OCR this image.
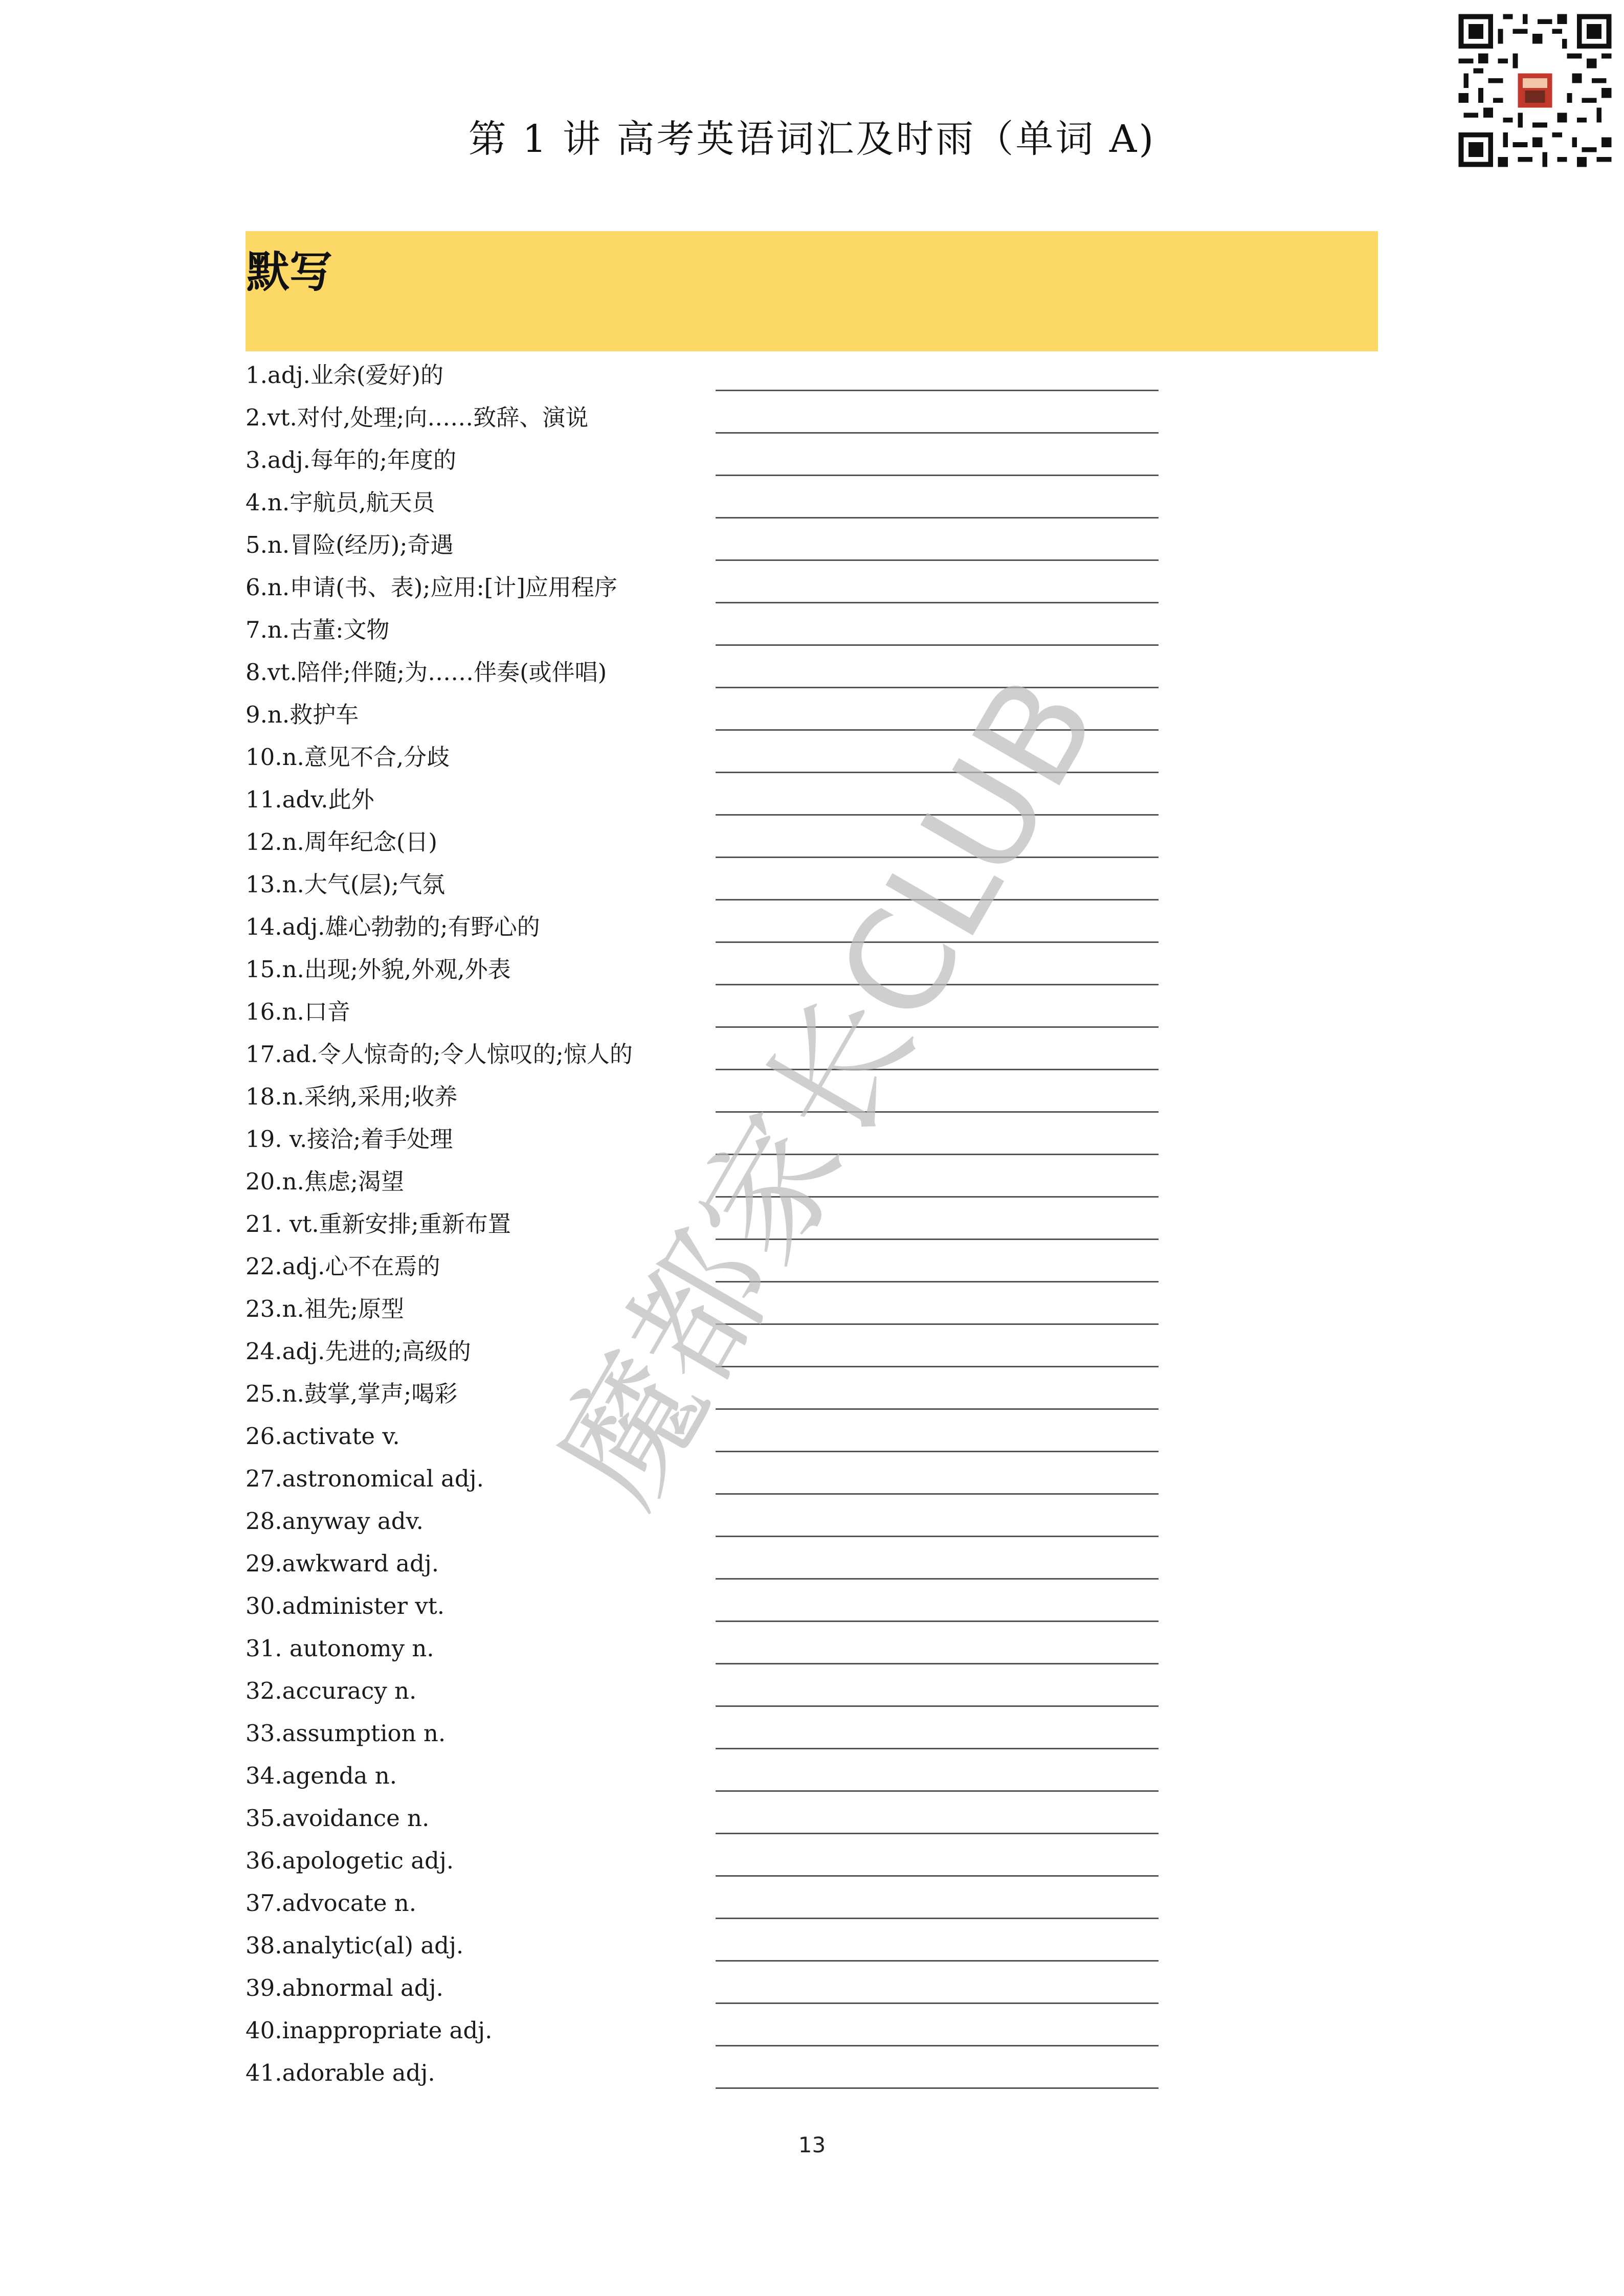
第 1 讲 高考英语词汇及时雨（单词 A)
默写
1.adj.业余(爱好)的
2.vt.对付,处理;向……致辞、演说
3.adj.每年的;年度的
4.n.宇航员,航天员
5.n.冒险(经历);奇遇
6.n.申请(书、表);应用:[计]应用程序
7.n.古董:文物
8.vt.陪伴;伴随;为……伴奏(或伴唱)
9.n.救护车
10.n.意见不合,分歧
11.adv.此外
12.n.周年纪念(日)
13.n.大气(层);气氛
14.adj.雄心勃勃的;有野心的
15.n.出现;外貌,外观,外表
16.n.口音
17.ad.令人惊奇的;令人惊叹的;惊人的
18.n.采纳,采用;收养
19. v.接洽;着手处理
20.n.焦虑;渴望
21. vt.重新安排;重新布置
22.adj.心不在焉的
23.n.祖先;原型
24.adj.先进的;高级的
25.n.鼓掌,掌声;喝彩
26.activate v.
27.astronomical adj.
28.anyway adv.
29.awkward adj.
30.administer vt.
31. autonomy n.
32.accuracy n.
33.assumption n.
34.agenda n.
35.avoidance n.
36.apologetic adj.
37.advocate n.
38.analytic(al) adj.
39.abnormal adj.
40.inappropriate adj.
41.adorable adj.
魔都家长CLUB
13
